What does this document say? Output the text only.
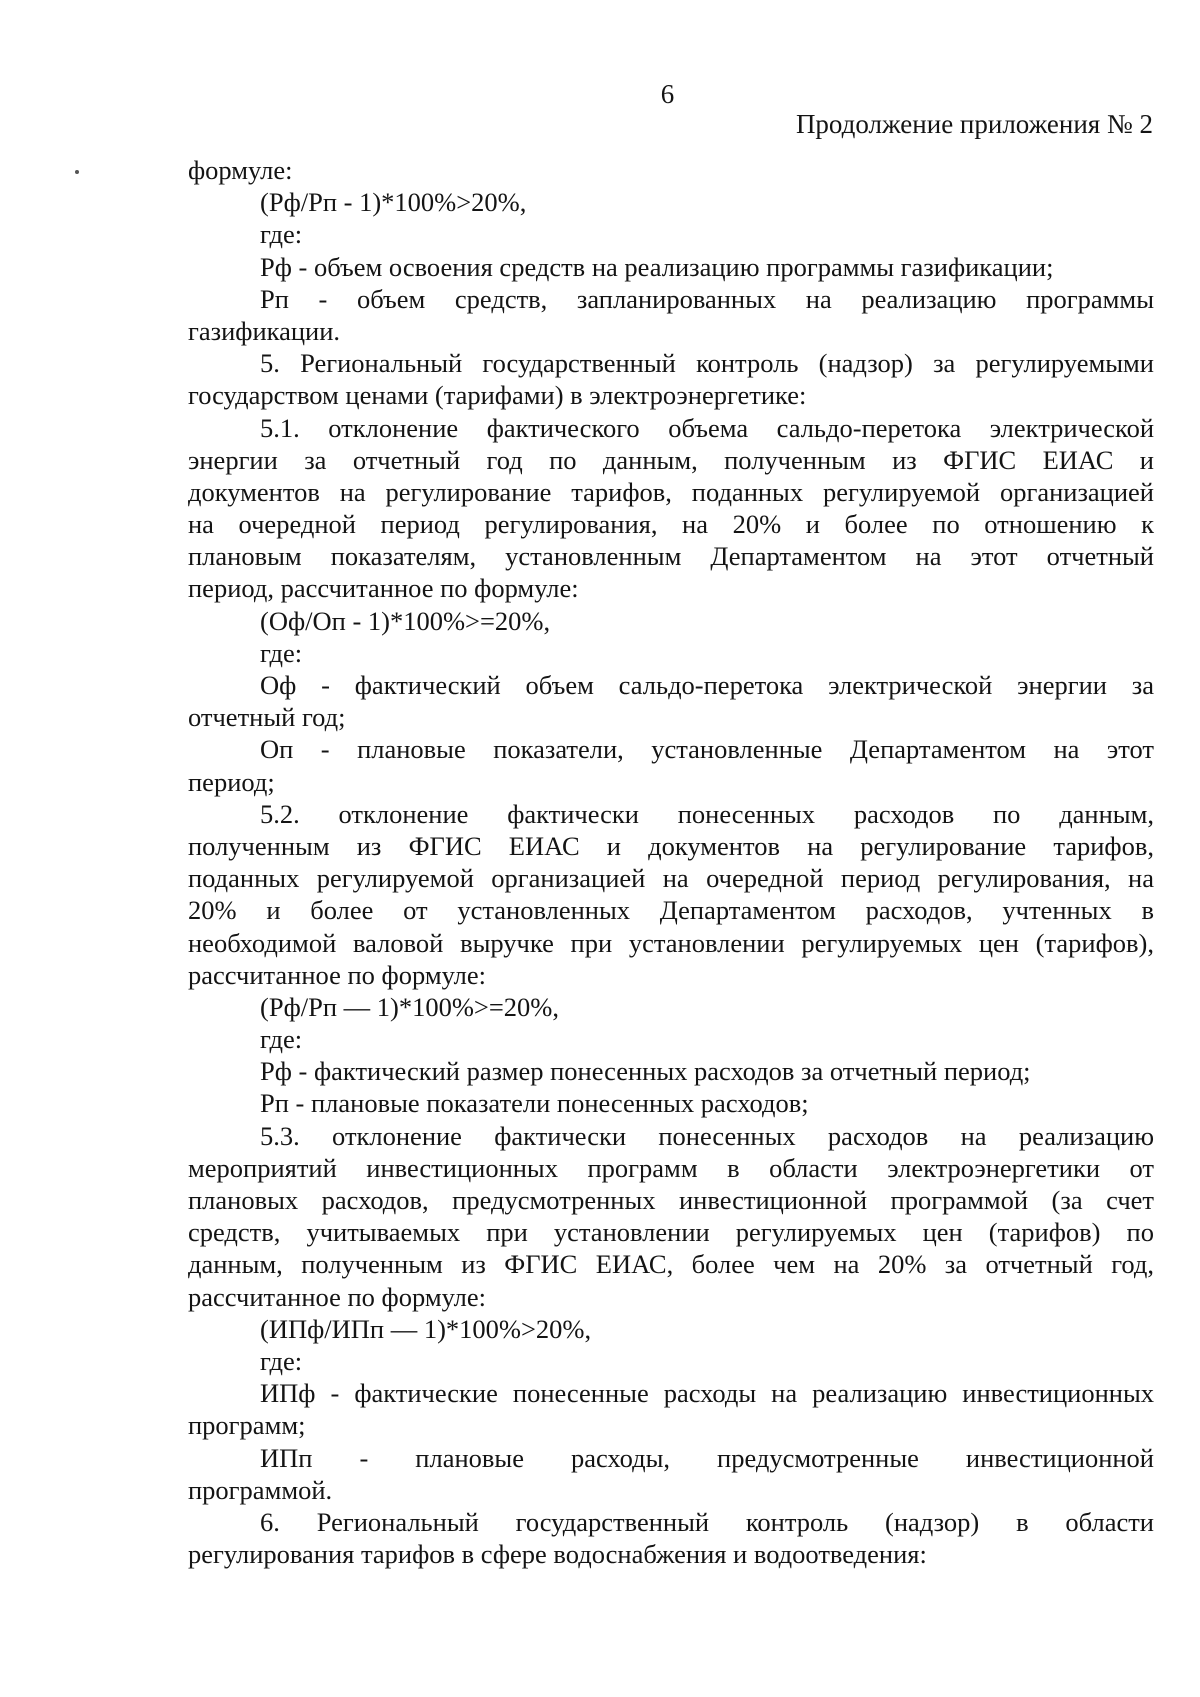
6
Продолжение приложения № 2
формуле:
(Рф/Рп - 1)*100%>20%,
где:
Рф - объем освоения средств на реализацию программы газификации;
Рп - объем средств, запланированных на реализацию программы
газификации.
5. Региональный государственный контроль (надзор) за регулируемыми
государством ценами (тарифами) в электроэнергетике:
5.1. отклонение фактического объема сальдо-перетока электрической
энергии за отчетный год по данным, полученным из ФГИС ЕИАС и
документов на регулирование тарифов, поданных регулируемой организацией
на очередной период регулирования, на 20% и более по отношению к
плановым показателям, установленным Департаментом на этот отчетный
период, рассчитанное по формуле:
(Оф/Оп - 1)*100%>=20%,
где:
Оф - фактический объем сальдо-перетока электрической энергии за
отчетный год;
Оп - плановые показатели, установленные Департаментом на этот
период;
5.2. отклонение фактически понесенных расходов по данным,
полученным из ФГИС ЕИАС и документов на регулирование тарифов,
поданных регулируемой организацией на очередной период регулирования, на
20% и более от установленных Департаментом расходов, учтенных в
необходимой валовой выручке при установлении регулируемых цен (тарифов),
рассчитанное по формуле:
(Рф/Рп — 1)*100%>=20%,
где:
Рф - фактический размер понесенных расходов за отчетный период;
Рп - плановые показатели понесенных расходов;
5.3. отклонение фактически понесенных расходов на реализацию
мероприятий инвестиционных программ в области электроэнергетики от
плановых расходов, предусмотренных инвестиционной программой (за счет
средств, учитываемых при установлении регулируемых цен (тарифов) по
данным, полученным из ФГИС ЕИАС, более чем на 20% за отчетный год,
рассчитанное по формуле:
(ИПф/ИПп — 1)*100%>20%,
где:
ИПф - фактические понесенные расходы на реализацию инвестиционных
программ;
ИПп - плановые расходы, предусмотренные инвестиционной
программой.
6. Региональный государственный контроль (надзор) в области
регулирования тарифов в сфере водоснабжения и водоотведения:
